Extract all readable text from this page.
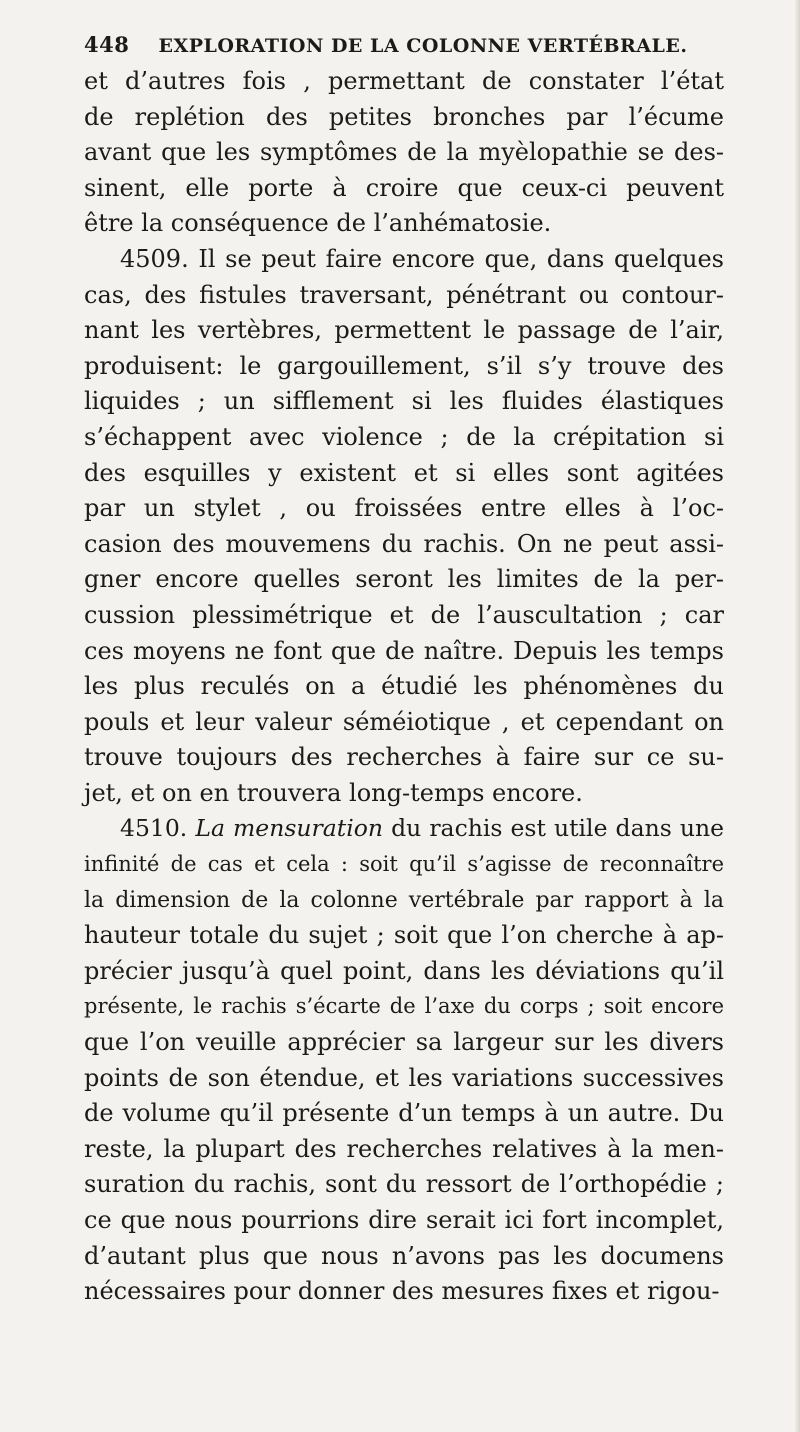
448 EXPLORATION DE LA COLONNE VERTÉBRALE.
et d’autres fois , permettant de constater l’état
de replétion des petites bronches par l’écume
avant que les symptômes de la myèlopathie se des-
sinent, elle porte à croire que ceux-ci peuvent
être la conséquence de l’anhématosie.
4509. Il se peut faire encore que, dans quelques
cas, des fistules traversant, pénétrant ou contour-
nant les vertèbres, permettent le passage de l’air,
produisent: le gargouillement, s’il s’y trouve des
liquides ; un sifflement si les fluides élastiques
s’échappent avec violence ; de la crépitation si
des esquilles y existent et si elles sont agitées
par un stylet , ou froissées entre elles à l’oc-
casion des mouvemens du rachis. On ne peut assi-
gner encore quelles seront les limites de la per-
cussion plessimétrique et de l’auscultation ; car
ces moyens ne font que de naître. Depuis les temps
les plus reculés on a étudié les phénomènes du
pouls et leur valeur séméiotique , et cependant on
trouve toujours des recherches à faire sur ce su-
jet, et on en trouvera long-temps encore.
4510. La mensuration du rachis est utile dans une
infinité de cas et cela : soit qu’il s’agisse de reconnaître
la dimension de la colonne vertébrale par rapport à la
hauteur totale du sujet ; soit que l’on cherche à ap-
précier jusqu’à quel point, dans les déviations qu’il
présente, le rachis s’écarte de l’axe du corps ; soit encore
que l’on veuille apprécier sa largeur sur les divers
points de son étendue, et les variations successives
de volume qu’il présente d’un temps à un autre. Du
reste, la plupart des recherches relatives à la men-
suration du rachis, sont du ressort de l’orthopédie ;
ce que nous pourrions dire serait ici fort incomplet,
d’autant plus que nous n’avons pas les documens
nécessaires pour donner des mesures fixes et rigou-
